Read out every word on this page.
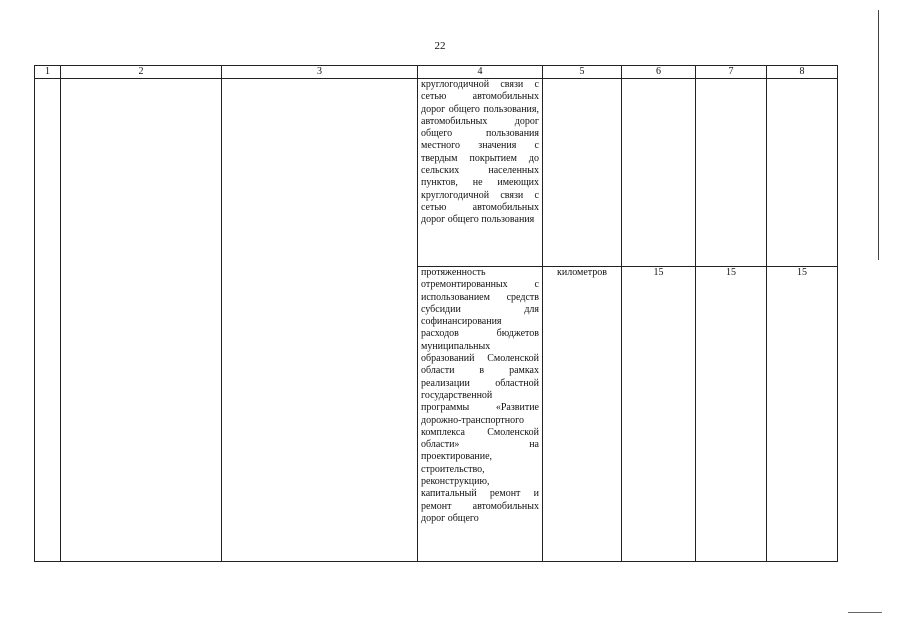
22
1	2	3	4	5	6	7	8
			круглогодичной связи с сетью автомобильных дорог общего пользования, автомобильных дорог общего пользования местного значения с твердым покрытием до сельских населенных пунктов, не имеющих круглогодичной связи с сетью автомобильных дорог общего пользования				
			протяженность отремонтированных с использованием средств субсидии для софинансирования расходов бюджетов муниципальных образований Смоленской области в рамках реализации областной государственной программы «Развитие дорожно-транспортного комплекса Смоленской области» на проектирование, строительство, реконструкцию, капитальный ремонт и ремонт автомобильных дорог общего	километров	15	15	15
